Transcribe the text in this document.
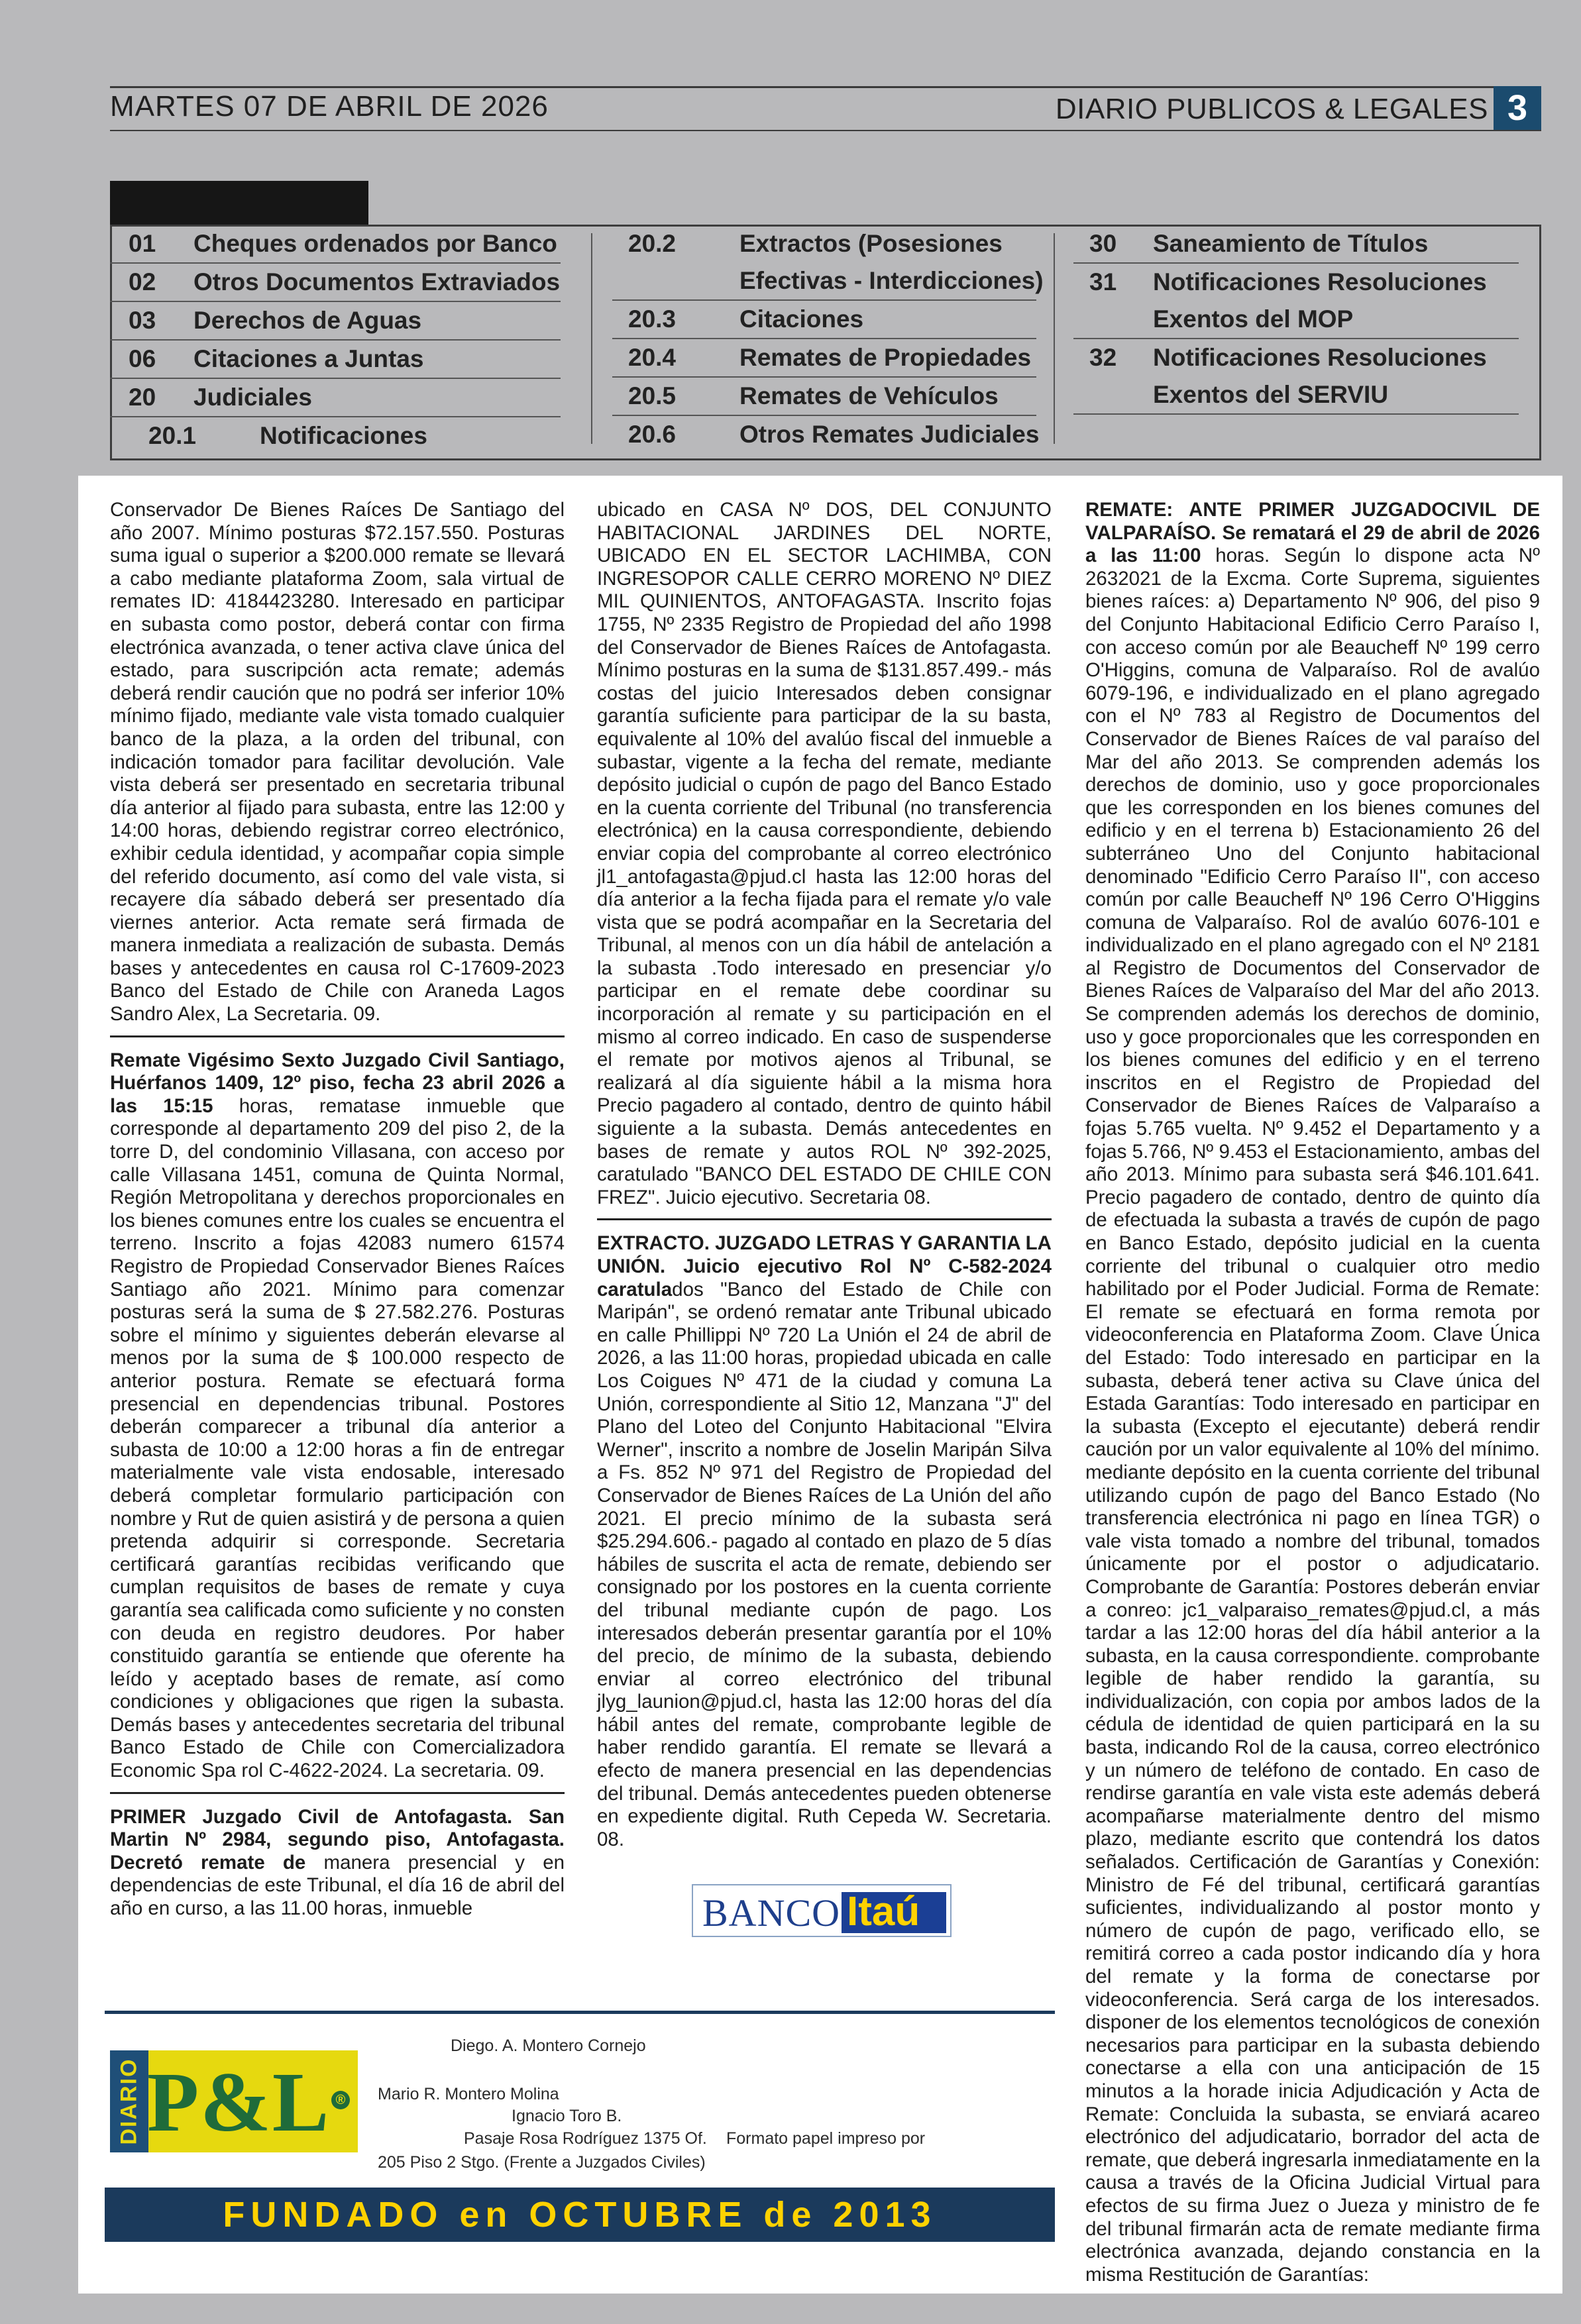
MARTES 07 DE ABRIL DE 2026	DIARIO PUBLICOS & LEGALES 3
01 Cheques ordenados por Banco
02 Otros Documentos Extraviados
03 Derechos de Aguas
06 Citaciones a Juntas
20 Judiciales
20.1	Notificaciones
20.2	Extractos (Posesiones
Efectivas - Interdicciones)
20.3	Citaciones
20.4	Remates de Propiedades
20.5	Remates de Vehículos
20.6	Otros Remates Judiciales
30 Saneamiento de Títulos
31 Notificaciones Resoluciones
Exentos del MOP
32 Notificaciones Resoluciones
Exentos del SERVIU

Conservador De Bienes Raíces De Santiago del año 2007. Mínimo posturas $72.157.550. Posturas suma igual o superior a $200.000 remate se llevará a cabo mediante plataforma Zoom, sala virtual de remates ID: 4184423280. Interesado en participar en subasta como postor, deberá contar con firma electrónica avanzada, o tener activa clave única del estado, para suscripción acta remate; además deberá rendir caución que no podrá ser inferior 10% mínimo fijado, mediante vale vista tomado cualquier banco de la plaza, a la orden del tribunal, con indicación tomador para facilitar devolución. Vale vista deberá ser presentado en secretaria tribunal día anterior al fijado para subasta, entre las 12:00 y 14:00 horas, debiendo registrar correo electrónico, exhibir cedula identidad, y acompañar copia simple del referido documento, así como del vale vista, si recayere día sábado deberá ser presentado día viernes anterior. Acta remate será firmada de manera inmediata a realización de subasta. Demás bases y antecedentes en causa rol C-17609-2023 Banco del Estado de Chile con Araneda Lagos Sandro Alex, La Secretaria. 09.

Remate Vigésimo Sexto Juzgado Civil Santiago, Huérfanos 1409, 12º piso, fecha 23 abril 2026 a las 15:15 horas, rematase inmueble que corresponde al departamento 209 del piso 2, de la torre D, del condominio Villasana, con acceso por calle Villasana 1451, comuna de Quinta Normal, Región Metropolitana y derechos proporcionales en los bienes comunes entre los cuales se encuentra el terreno. Inscrito a fojas 42083 numero 61574 Registro de Propiedad Conservador Bienes Raíces Santiago año 2021. Mínimo para comenzar posturas será la suma de $ 27.582.276. Posturas sobre el mínimo y siguientes deberán elevarse al menos por la suma de $ 100.000 respecto de anterior postura. Remate se efectuará forma presencial en dependencias tribunal. Postores deberán comparecer a tribunal día anterior a subasta de 10:00 a 12:00 horas a fin de entregar materialmente vale vista endosable, interesado deberá completar formulario participación con nombre y Rut de quien asistirá y de persona a quien pretenda adquirir si corresponde. Secretaria certificará garantías recibidas verificando que cumplan requisitos de bases de remate y cuya garantía sea calificada como suficiente y no consten con deuda en registro deudores. Por haber constituido garantía se entiende que oferente ha leído y aceptado bases de remate, así como condiciones y obligaciones que rigen la subasta. Demás bases y antecedentes secretaria del tribunal Banco Estado de Chile con Comercializadora Economic Spa rol C-4622-2024. La secretaria. 09.

PRIMER Juzgado Civil de Antofagasta. San Martin Nº 2984, segundo piso, Antofagasta. Decretó remate de manera presencial y en dependencias de este Tribunal, el día 16 de abril del año en curso, a las 11.00 horas, inmueble

ubicado en CASA Nº DOS, DEL CONJUNTO HABITACIONAL JARDINES DEL NORTE, UBICADO EN EL SECTOR LACHIMBA, CON INGRESOPOR CALLE CERRO MORENO Nº DIEZ MIL QUINIENTOS, ANTOFAGASTA. Inscrito fojas 1755, Nº 2335 Registro de Propiedad del año 1998 del Conservador de Bienes Raíces de Antofagasta. Mínimo posturas en la suma de $131.857.499.- más costas del juicio Interesados deben consignar garantía suficiente para participar de la su basta, equivalente al 10% del avalúo fiscal del inmueble a subastar, vigente a la fecha del remate, mediante depósito judicial o cupón de pago del Banco Estado en la cuenta corriente del Tribunal (no transferencia electrónica) en la causa correspondiente, debiendo enviar copia del comprobante al correo electrónico jl1_antofagasta@pjud.cl hasta las 12:00 horas del día anterior a la fecha fijada para el remate y/o vale vista que se podrá acompañar en la Secretaria del Tribunal, al menos con un día hábil de antelación a la subasta .Todo interesado en presenciar y/o participar en el remate debe coordinar su incorporación al remate y su participación en el mismo al correo indicado. En caso de suspenderse el remate por motivos ajenos al Tribunal, se realizará al día siguiente hábil a la misma hora Precio pagadero al contado, dentro de quinto hábil siguiente a la subasta. Demás antecedentes en bases de remate y autos ROL Nº 392-2025, caratulado "BANCO DEL ESTADO DE CHILE CON FREZ". Juicio ejecutivo. Secretaria 08.

EXTRACTO. JUZGADO LETRAS Y GARANTIA LA UNIÓN. Juicio ejecutivo Rol Nº C-582-2024 caratulados "Banco del Estado de Chile con Maripán", se ordenó rematar ante Tribunal ubicado en calle Phillippi Nº 720 La Unión el 24 de abril de 2026, a las 11:00 horas, propiedad ubicada en calle Los Coigues Nº 471 de la ciudad y comuna La Unión, correspondiente al Sitio 12, Manzana "J" del Plano del Loteo del Conjunto Habitacional "Elvira Werner", inscrito a nombre de Joselin Maripán Silva a Fs. 852 Nº 971 del Registro de Propiedad del Conservador de Bienes Raíces de La Unión del año 2021. El precio mínimo de la subasta será $25.294.606.- pagado al contado en plazo de 5 días hábiles de suscrita el acta de remate, debiendo ser consignado por los postores en la cuenta corriente del tribunal mediante cupón de pago. Los interesados deberán presentar garantía por el 10% del precio, de mínimo de la subasta, debiendo enviar al correo electrónico del tribunal jlyg_launion@pjud.cl, hasta las 12:00 horas del día hábil antes del remate, comprobante legible de haber rendido garantía. El remate se llevará a efecto de manera presencial en las dependencias del tribunal. Demás antecedentes pueden obtenerse en expediente digital. Ruth Cepeda W. Secretaria. 08.

REMATE: ANTE PRIMER JUZGADOCIVIL DE VALPARAÍSO. Se rematará el 29 de abril de 2026 a las 11:00 horas. Según lo dispone acta Nº 2632021 de la Excma. Corte Suprema, siguientes bienes raíces: a) Departamento Nº 906, del piso 9 del Conjunto Habitacional Edificio Cerro Paraíso I, con acceso común por ale Beaucheff Nº 199 cerro O'Higgins, comuna de Valparaíso. Rol de avalúo 6079-196, e individualizado en el plano agregado con el Nº 783 al Registro de Documentos del Conservador de Bienes Raíces de val paraíso del Mar del año 2013. Se comprenden además los derechos de dominio, uso y goce proporcionales que les corresponden en los bienes comunes del edificio y en el terrena b) Estacionamiento 26 del subterráneo Uno del Conjunto habitacional denominado "Edificio Cerro Paraíso II", con acceso común por calle Beaucheff Nº 196 Cerro O'Higgins comuna de Valparaíso. Rol de avalúo 6076-101 e individualizado en el plano agregado con el Nº 2181 al Registro de Documentos del Conservador de Bienes Raíces de Valparaíso del Mar del año 2013. Se comprenden además los derechos de dominio, uso y goce proporcionales que les corresponden en los bienes comunes del edificio y en el terreno inscritos en el Registro de Propiedad del Conservador de Bienes Raíces de Valparaíso a fojas 5.765 vuelta. Nº 9.452 el Departamento y a fojas 5.766, Nº 9.453 el Estacionamiento, ambas del año 2013. Mínimo para subasta será $46.101.641. Precio pagadero de contado, dentro de quinto día de efectuada la subasta a través de cupón de pago en Banco Estado, depósito judicial en la cuenta corriente del tribunal o cualquier otro medio habilitado por el Poder Judicial. Forma de Remate: El remate se efectuará en forma remota por videoconferencia en Plataforma Zoom. Clave Única del Estado: Todo interesado en participar en la subasta, deberá tener activa su Clave única del Estada Garantías: Todo interesado en participar en la subasta (Excepto el ejecutante) deberá rendir caución por un valor equivalente al 10% del mínimo. mediante depósito en la cuenta corriente del tribunal utilizando cupón de pago del Banco Estado (No transferencia electrónica ni pago en línea TGR) o vale vista tomado a nombre del tribunal, tomados únicamente por el postor o adjudicatario. Comprobante de Garantía: Postores deberán enviar a conreo: jc1_valparaiso_remates@pjud.cl, a más tardar a las 12:00 horas del día hábil anterior a la subasta, en la causa correspondiente. comprobante legible de haber rendido la garantía, su individualización, con copia por ambos lados de la cédula de identidad de quien participará en la su basta, indicando Rol de la causa, correo electrónico y un número de teléfono de contado. En caso de rendirse garantía en vale vista este además deberá acompañarse materialmente dentro del mismo plazo, mediante escrito que contendrá los datos señalados. Certificación de Garantías y Conexión: Ministro de Fé del tribunal, certificará garantías suficientes, individualizando al postor monto y número de cupón de pago, verificado ello, se remitirá correo a cada postor indicando día y hora del remate y la forma de conectarse por videoconferencia. Será carga de los interesados. disponer de los elementos tecnológicos de conexión necesarios para participar en la subasta debiendo conectarse a ella con una anticipación de 15 minutos a la horade inicia Adjudicación y Acta de Remate: Concluida la subasta, se enviará acareo electrónico del adjudicatario, borrador del acta de remate, que deberá ingresarla inmediatamente en la causa a través de la Oficina Judicial Virtual para efectos de su firma Juez o Jueza y ministro de fe del tribunal firmarán acta de remate mediante firma electrónica avanzada, dejando constancia en la misma Restitución de Garantías:

BANCO Itaú
DIARIO P&L ®
Diego. A. Montero Cornejo
Mario R. Montero Molina
Ignacio Toro B.
Pasaje Rosa Rodríguez 1375 Of. Formato papel impreso por
205 Piso 2 Stgo. (Frente a Juzgados Civiles)
FUNDADO en OCTUBRE de 2013
